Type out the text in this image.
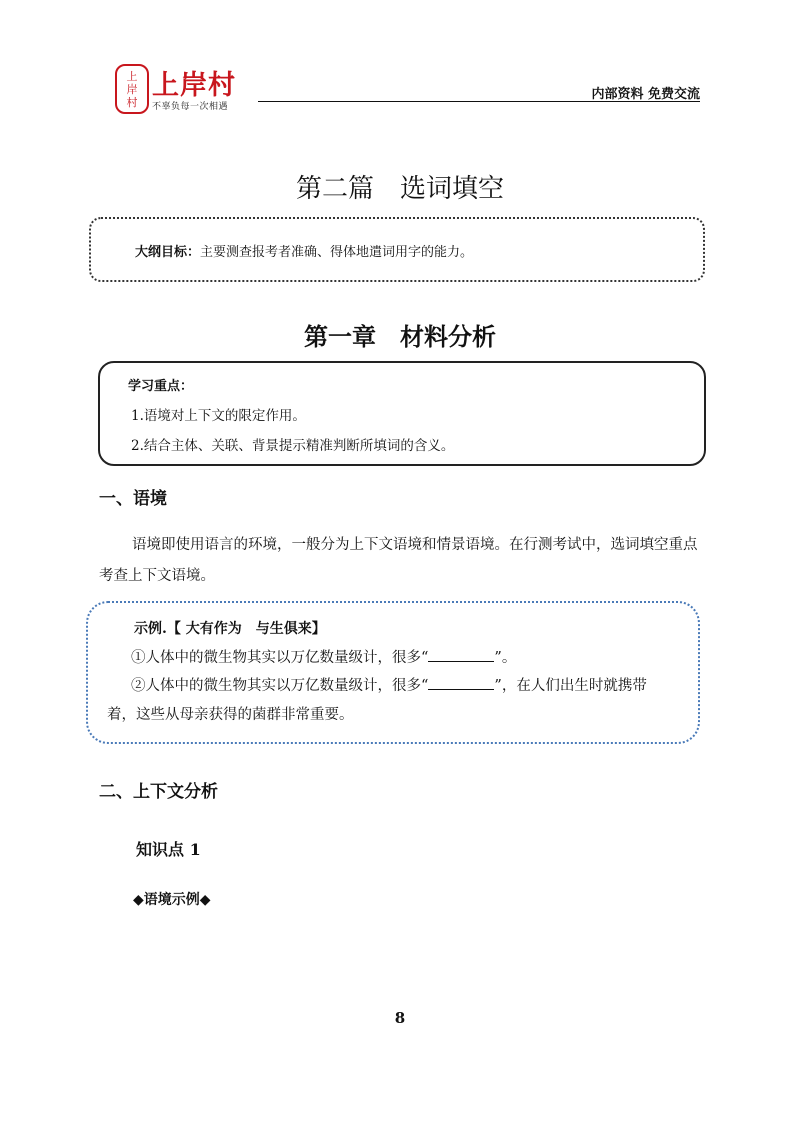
上
岸
村
上岸村
不辜负每一次相遇
内部资料 免费交流
第二篇　选词填空
大纲目标：主要测查报考者准确、得体地遣词用字的能力。
第一章　材料分析
学习重点：
1.语境对上下文的限定作用。
2.结合主体、关联、背景提示精准判断所填词的含义。
一、语境
语境即使用语言的环境，一般分为上下文语境和情景语境。在行测考试中，选词填空重点考查上下文语境。
示例.【 大有作为　与生俱来】
①人体中的微生物其实以万亿数量级计，很多“	”。
②人体中的微生物其实以万亿数量级计，很多“	”，在人们出生时就携带
着，这些从母亲获得的菌群非常重要。
二、上下文分析
知识点 1
◆语境示例◆
8
